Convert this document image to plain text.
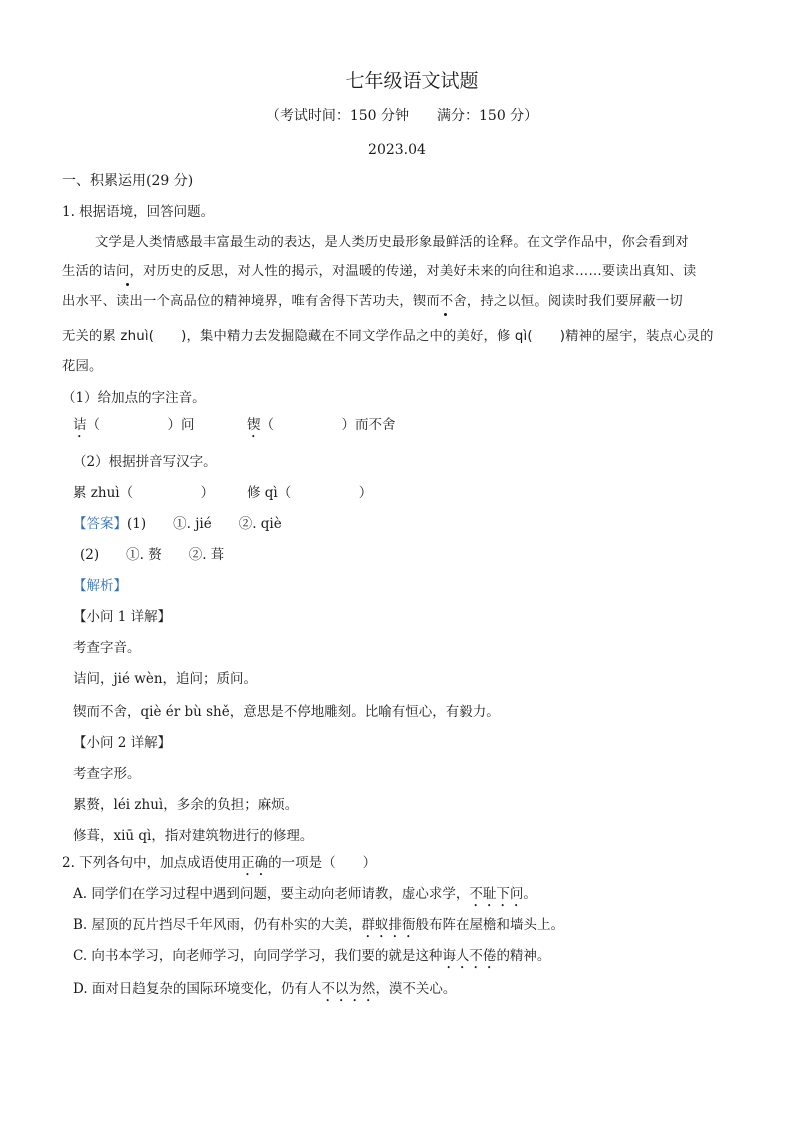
七年级语文试题
（考试时间：150 分钟　　满分：150 分）
2023.04
一、积累运用(29 分)
1. 根据语境，回答问题。
文学是人类情感最丰富最生动的表达，是人类历史最形象最鲜活的诠释。在文学作品中，你会看到对
生活的诘问，对历史的反思，对人性的揭示，对温暖的传递，对美好未来的向往和追求……要读出真知、读
出水平、读出一个高品位的精神境界，唯有舍得下苦功夫，锲而不舍，持之以恒。阅读时我们要屏蔽一切
无关的累 zhuì(　　)，集中精力去发掘隐藏在不同文学作品之中的美好，修 qì(　　)精神的屋宇，装点心灵的
花园。
（1）给加点的字注音。
诘（　　　　　）问	锲（　　　　　）而不舍
（2）根据拼音写汉字。
累 zhuì（　　　　　） 修 qì（　　　　　）
【答案】(1)　　①. jié　　②. qiè
(2)　　①. 赘　　②. 葺
【解析】
【小问 1 详解】
考查字音。
诘问，jié wèn，追问；质问。
锲而不舍，qiè ér bù shě，意思是不停地雕刻。比喻有恒心，有毅力。
【小问 2 详解】
考查字形。
累赘，léi zhuì，多余的负担；麻烦。
修葺，xiū qì，指对建筑物进行的修理。
2. 下列各句中，加点成语使用正确的一项是（　　）
A. 同学们在学习过程中遇到问题，要主动向老师请教，虚心求学，不耻下问。
B. 屋顶的瓦片挡尽千年风雨，仍有朴实的大美，群蚁排衙般布阵在屋檐和墙头上。
C. 向书本学习，向老师学习，向同学学习，我们要的就是这种诲人不倦的精神。
D. 面对日趋复杂的国际环境变化，仍有人不以为然，漠不关心。
